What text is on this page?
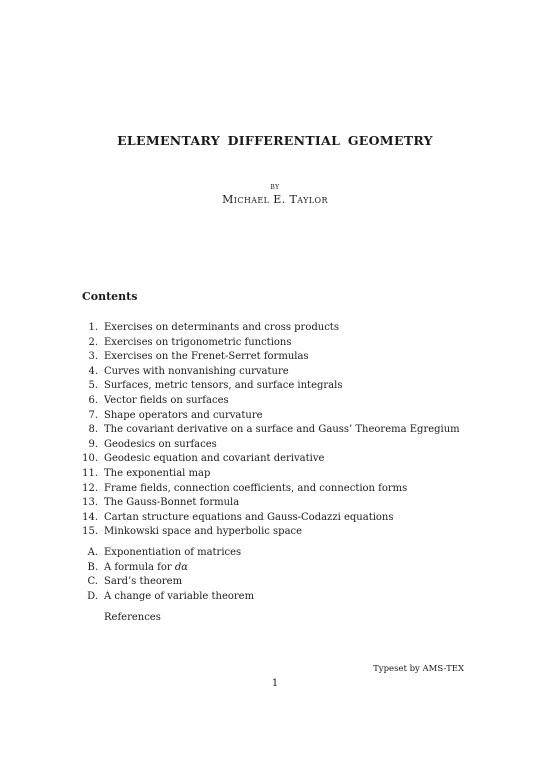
ELEMENTARY DIFFERENTIAL GEOMETRY
by
Michael E. Taylor
Contents
1. Exercises on determinants and cross products
2. Exercises on trigonometric functions
3. Exercises on the Frenet-Serret formulas
4. Curves with nonvanishing curvature
5. Surfaces, metric tensors, and surface integrals
6. Vector fields on surfaces
7. Shape operators and curvature
8. The covariant derivative on a surface and Gauss’ Theorema Egregium
9. Geodesics on surfaces
10. Geodesic equation and covariant derivative
11. The exponential map
12. Frame fields, connection coefficients, and connection forms
13. The Gauss-Bonnet formula
14. Cartan structure equations and Gauss-Codazzi equations
15. Minkowski space and hyperbolic space
A. Exponentiation of matrices
B. A formula for dα
C. Sard’s theorem
D. A change of variable theorem
References
Typeset by AMS-TEX
1
